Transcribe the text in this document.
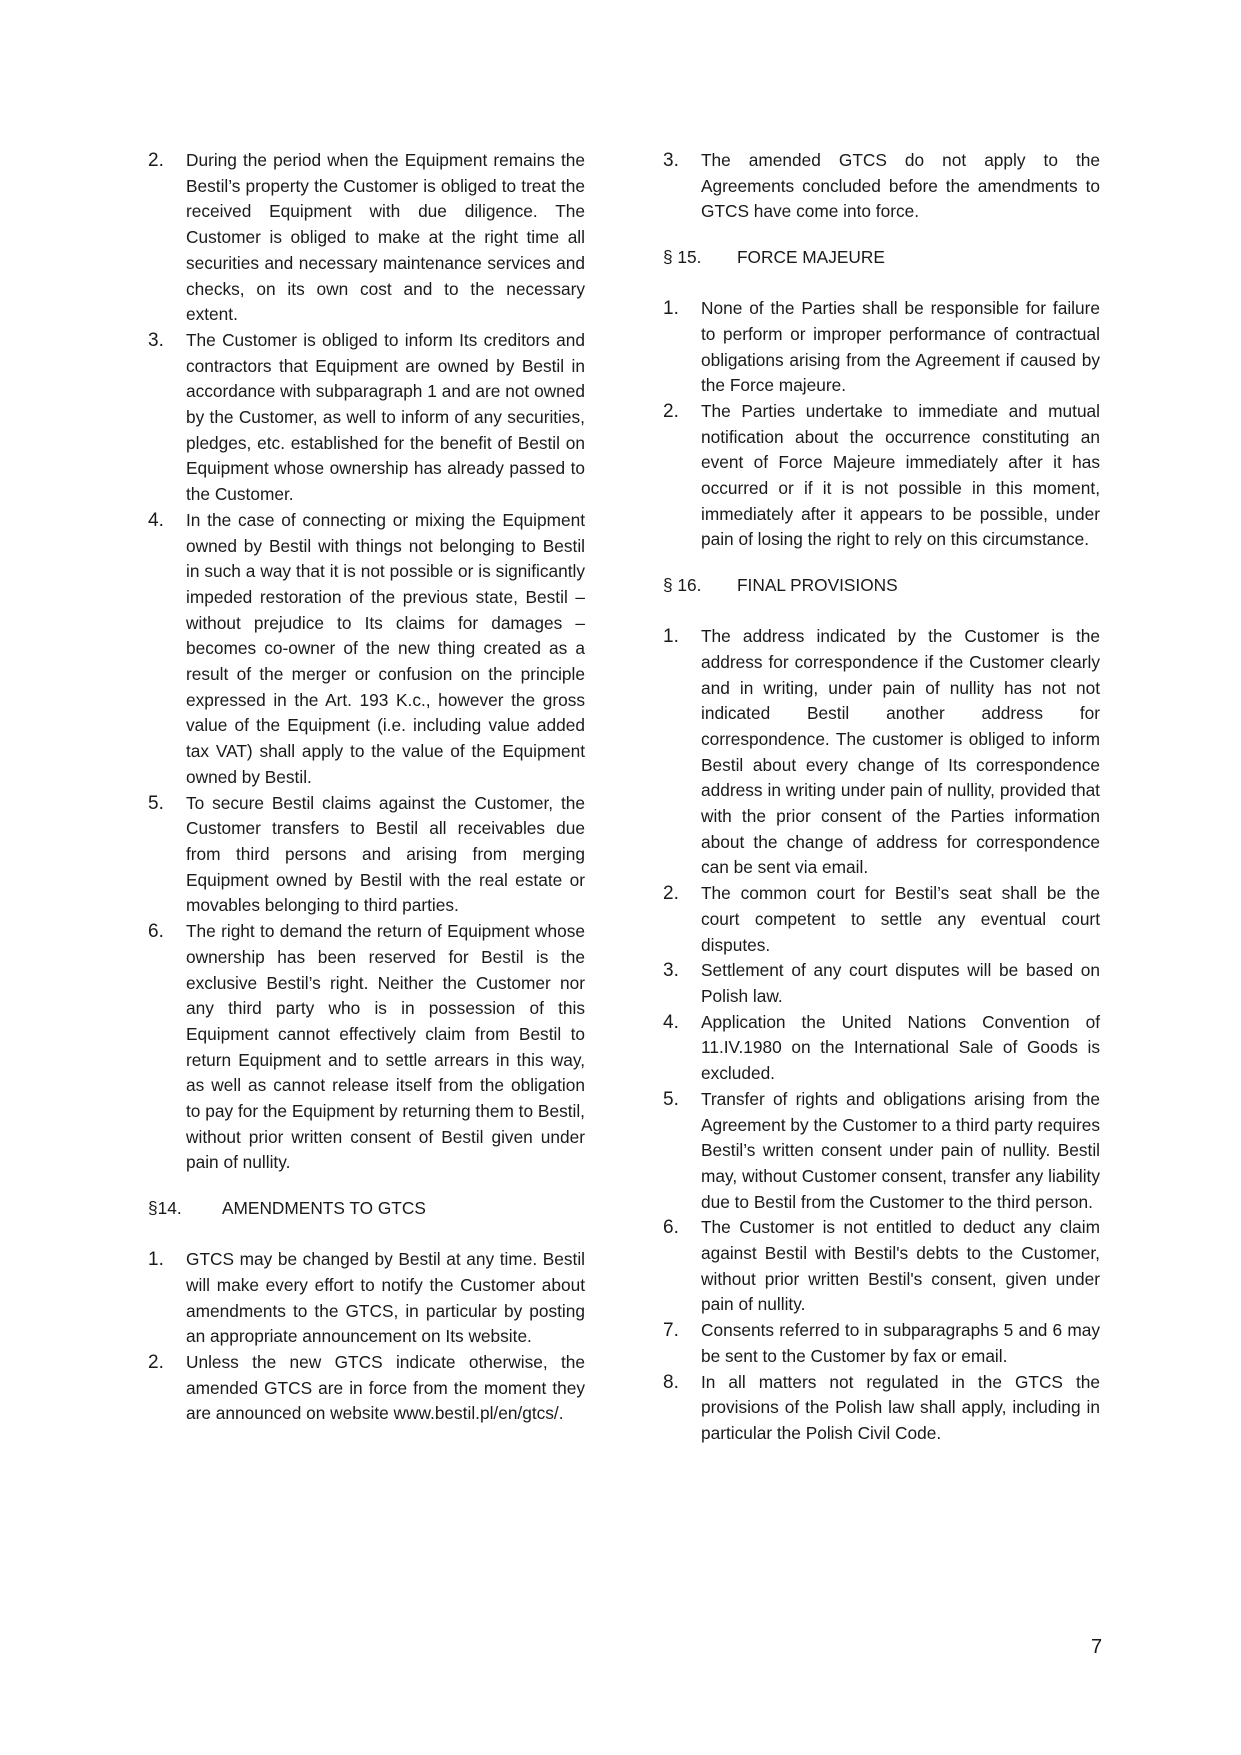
2. During the period when the Equipment remains the Bestil’s property the Customer is obliged to treat the received Equipment with due diligence. The Customer is obliged to make at the right time all securities and necessary maintenance services and checks, on its own cost and to the necessary extent.
3. The Customer is obliged to inform Its creditors and contractors that Equipment are owned by Bestil in accordance with subparagraph 1 and are not owned by the Customer, as well to inform of any securities, pledges, etc. established for the benefit of Bestil on Equipment whose ownership has already passed to the Customer.
4. In the case of connecting or mixing the Equipment owned by Bestil with things not belonging to Bestil in such a way that it is not possible or is significantly impeded restoration of the previous state, Bestil – without prejudice to Its claims for damages – becomes co-owner of the new thing created as a result of the merger or confusion on the principle expressed in the Art. 193 K.c., however the gross value of the Equipment (i.e. including value added tax VAT) shall apply to the value of the Equipment owned by Bestil.
5. To secure Bestil claims against the Customer, the Customer transfers to Bestil all receivables due from third persons and arising from merging Equipment owned by Bestil with the real estate or movables belonging to third parties.
6. The right to demand the return of Equipment whose ownership has been reserved for Bestil is the exclusive Bestil’s right. Neither the Customer nor any third party who is in possession of this Equipment cannot effectively claim from Bestil to return Equipment and to settle arrears in this way, as well as cannot release itself from the obligation to pay for the Equipment by returning them to Bestil, without prior written consent of Bestil given under pain of nullity.
§14. AMENDMENTS TO GTCS
1. GTCS may be changed by Bestil at any time. Bestil will make every effort to notify the Customer about amendments to the GTCS, in particular by posting an appropriate announcement on Its website.
2. Unless the new GTCS indicate otherwise, the amended GTCS are in force from the moment they are announced on website www.bestil.pl/en/gtcs/.
3. The amended GTCS do not apply to the Agreements concluded before the amendments to GTCS have come into force.
§ 15. FORCE MAJEURE
1. None of the Parties shall be responsible for failure to perform or improper performance of contractual obligations arising from the Agreement if caused by the Force majeure.
2. The Parties undertake to immediate and mutual notification about the occurrence constituting an event of Force Majeure immediately after it has occurred or if it is not possible in this moment, immediately after it appears to be possible, under pain of losing the right to rely on this circumstance.
§ 16. FINAL PROVISIONS
1. The address indicated by the Customer is the address for correspondence if the Customer clearly and in writing, under pain of nullity has not not indicated Bestil another address for correspondence. The customer is obliged to inform Bestil about every change of Its correspondence address in writing under pain of nullity, provided that with the prior consent of the Parties information about the change of address for correspondence can be sent via email.
2. The common court for Bestil’s seat shall be the court competent to settle any eventual court disputes.
3. Settlement of any court disputes will be based on Polish law.
4. Application the United Nations Convention of 11.IV.1980 on the International Sale of Goods is excluded.
5. Transfer of rights and obligations arising from the Agreement by the Customer to a third party requires Bestil’s written consent under pain of nullity. Bestil may, without Customer consent, transfer any liability due to Bestil from the Customer to the third person.
6. The Customer is not entitled to deduct any claim against Bestil with Bestil's debts to the Customer, without prior written Bestil's consent, given under pain of nullity.
7. Consents referred to in subparagraphs 5 and 6 may be sent to the Customer by fax or email.
8. In all matters not regulated in the GTCS the provisions of the Polish law shall apply, including in particular the Polish Civil Code.
7
